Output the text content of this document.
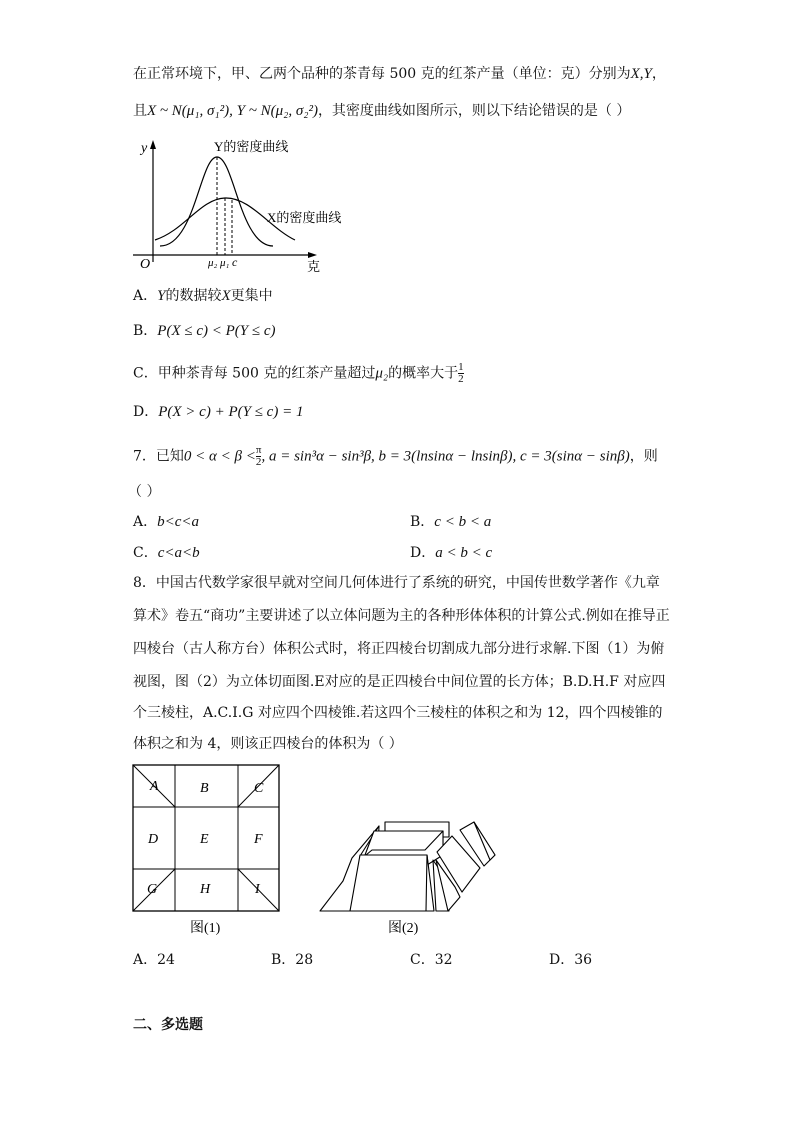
在正常环境下，甲、乙两个品种的茶青每 500 克的红茶产量（单位：克）分别为X,Y，
且X ~ N(μ₁, σ₁²), Y ~ N(μ₂, σ₂²)，其密度曲线如图所示，则以下结论错误的是（ ）
y
O	克
Y的密度曲线
X的密度曲线
μ₂ μ₁ c
A．Y的数据较X更集中
B．P(X ≤ c) < P(Y ≤ c)
C．甲种茶青每 500 克的红茶产量超过μ₂的概率大于 $\frac{1}{2}$
D．P(X > c) + P(Y ≤ c) = 1
7．已知$0 < \alpha < \beta < \frac{\pi}{2}$ , a = sin³α − sin³β, b = 3(lnsinα − lnsinβ), c = 3(sinα − sinβ)，则
（ ）
A．b<c<a	B．c < b < a
C．c<a<b	D．a < b < c
8．中国古代数学家很早就对空间几何体进行了系统的研究，中国传世数学著作《九章
算术》卷五“商功”主要讲述了以立体问题为主的各种形体体积的计算公式.例如在推导正
四棱台（古人称方台）体积公式时，将正四棱台切割成九部分进行求解.下图（1）为俯
视图，图（2）为立体切面图.E对应的是正四棱台中间位置的长方体；B.D.H.F 对应四
个三棱柱，A.C.I.G 对应四个四棱锥.若这四个三棱柱的体积之和为 12，四个四棱锥的
体积之和为 4，则该正四棱台的体积为（ ）
A	B	C
D	E	F
G	H	I
图(1)	图(2)
A．24	B．28	C．32	D．36
二、多选题
